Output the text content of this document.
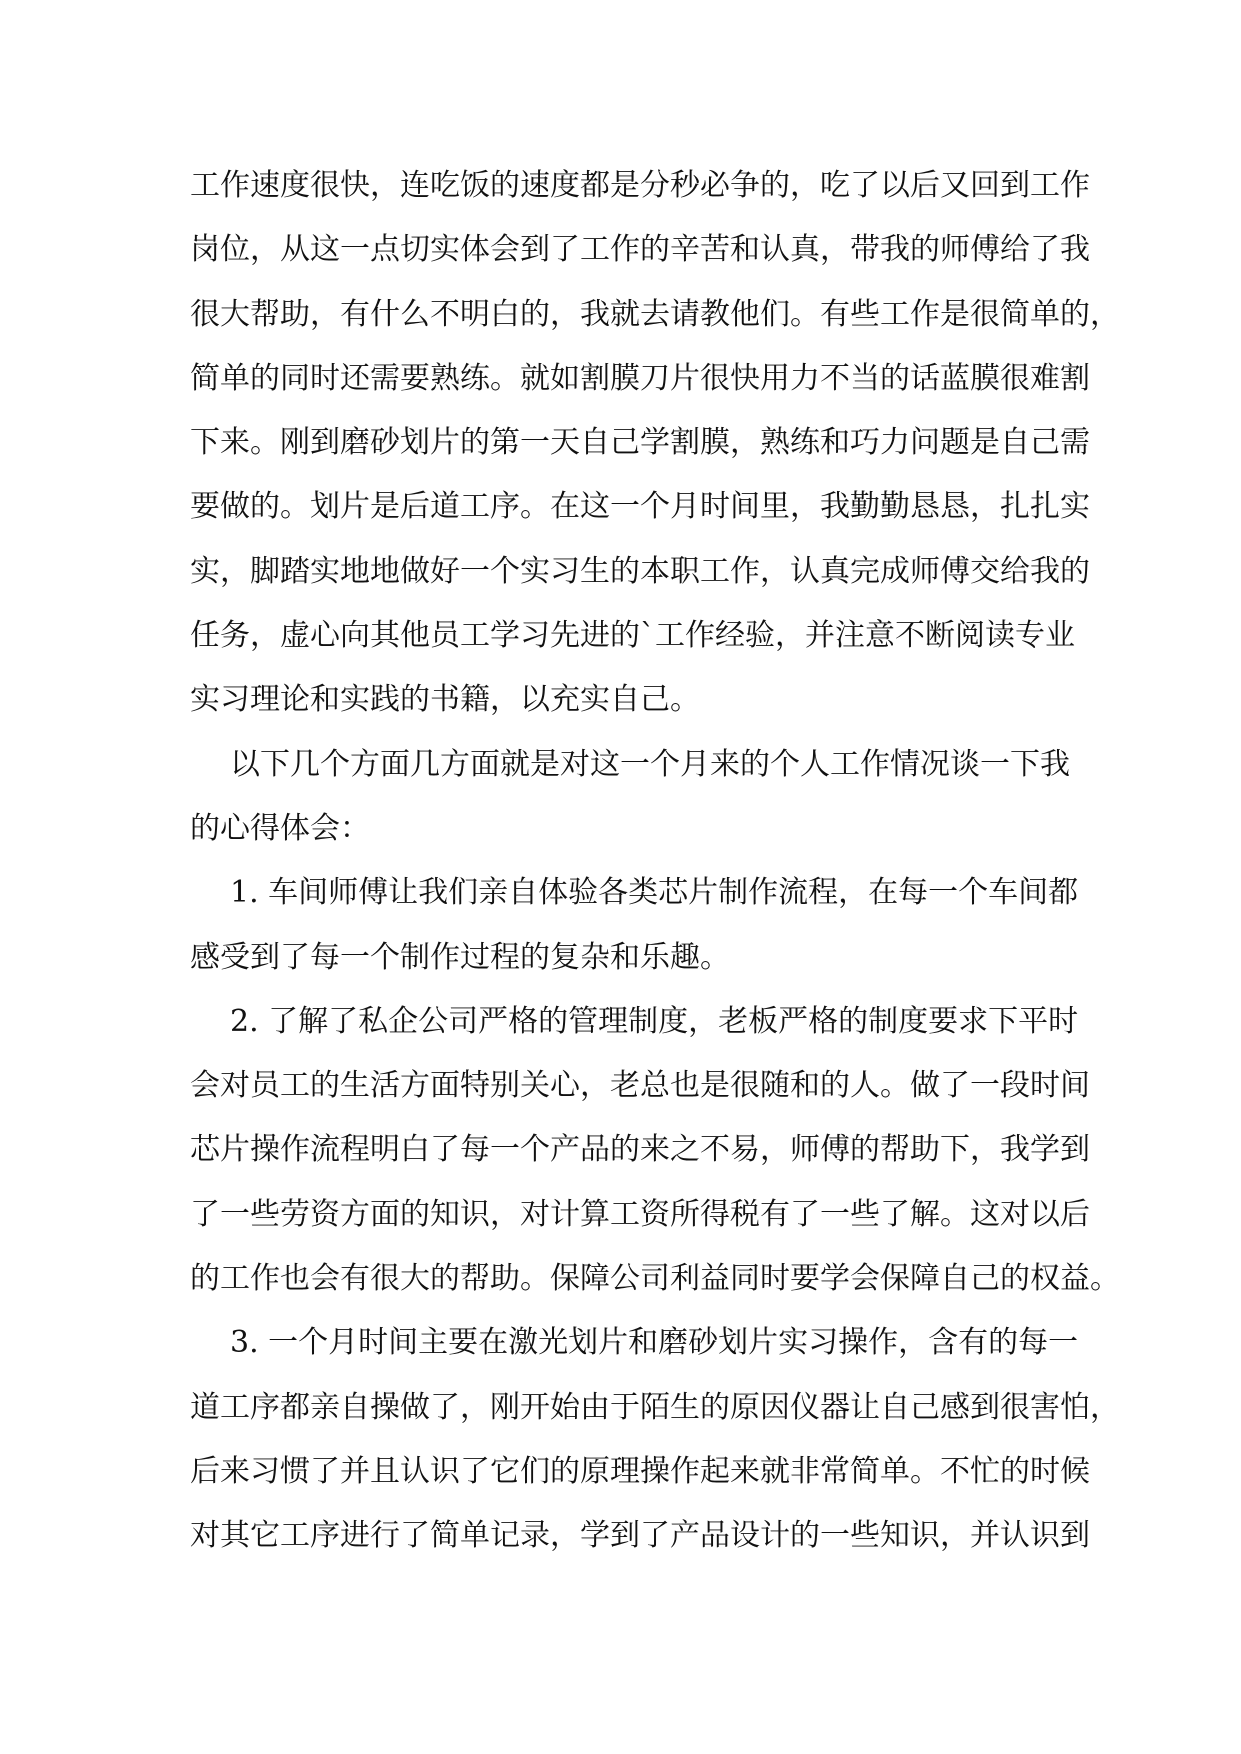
工作速度很快，连吃饭的速度都是分秒必争的，吃了以后又回到工作
岗位，从这一点切实体会到了工作的辛苦和认真，带我的师傅给了我
很大帮助，有什么不明白的，我就去请教他们。有些工作是很简单的，
简单的同时还需要熟练。就如割膜刀片很快用力不当的话蓝膜很难割
下来。刚到磨砂划片的第一天自己学割膜，熟练和巧力问题是自己需
要做的。划片是后道工序。在这一个月时间里，我勤勤恳恳，扎扎实
实，脚踏实地地做好一个实习生的本职工作，认真完成师傅交给我的
任务，虚心向其他员工学习先进的`工作经验，并注意不断阅读专业
实习理论和实践的书籍，以充实自己。
以下几个方面几方面就是对这一个月来的个人工作情况谈一下我
的心得体会：
1. 车间师傅让我们亲自体验各类芯片制作流程，在每一个车间都
感受到了每一个制作过程的复杂和乐趣。
2. 了解了私企公司严格的管理制度，老板严格的制度要求下平时
会对员工的生活方面特别关心，老总也是很随和的人。做了一段时间
芯片操作流程明白了每一个产品的来之不易，师傅的帮助下，我学到
了一些劳资方面的知识，对计算工资所得税有了一些了解。这对以后
的工作也会有很大的帮助。保障公司利益同时要学会保障自己的权益。
3. 一个月时间主要在激光划片和磨砂划片实习操作，含有的每一
道工序都亲自操做了，刚开始由于陌生的原因仪器让自己感到很害怕，
后来习惯了并且认识了它们的原理操作起来就非常简单。不忙的时候
对其它工序进行了简单记录，学到了产品设计的一些知识，并认识到
